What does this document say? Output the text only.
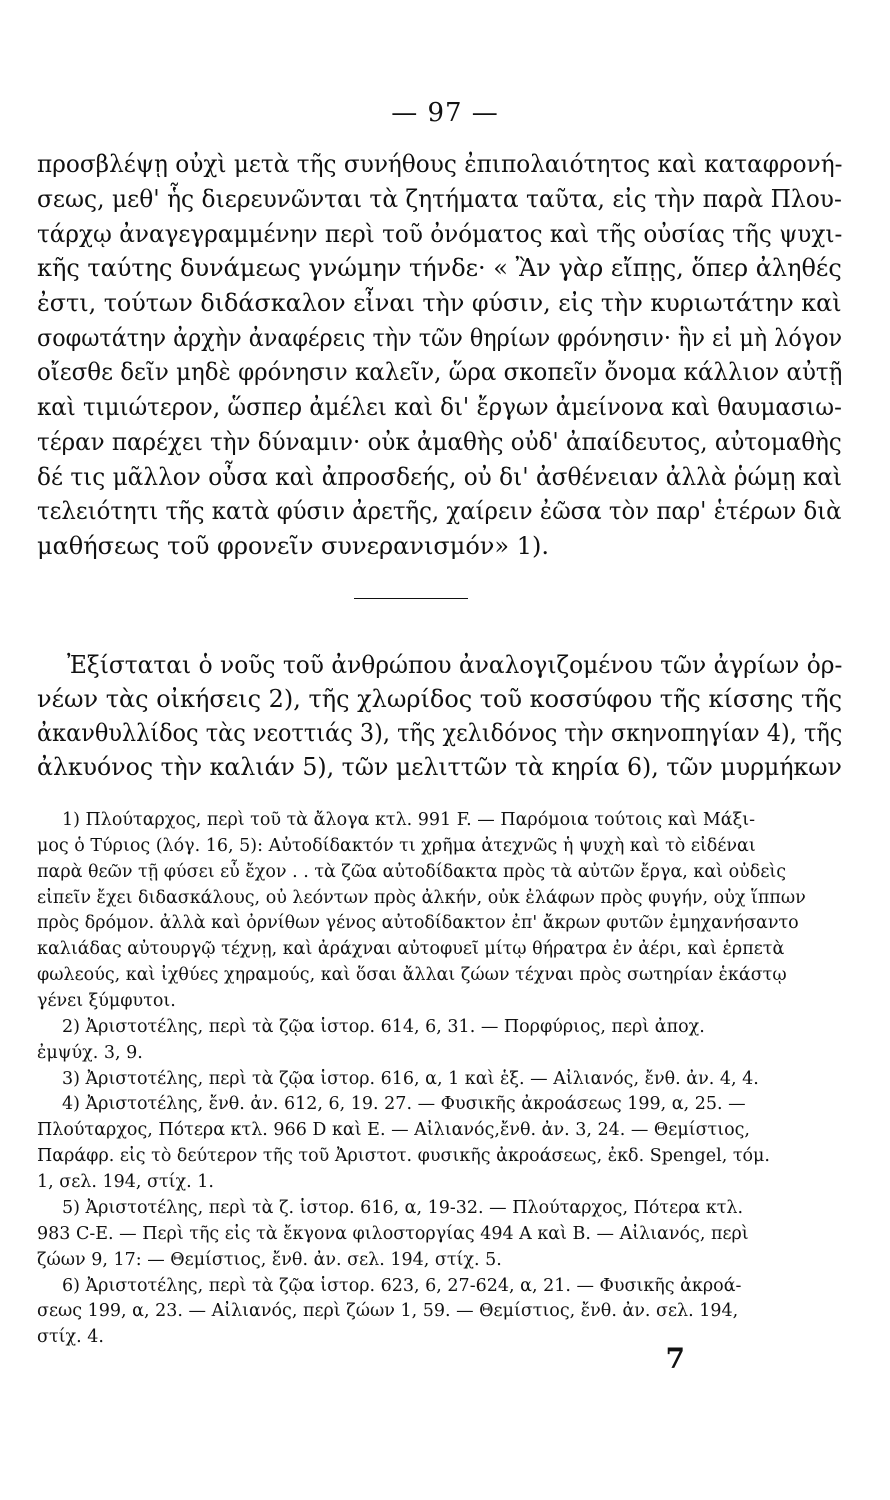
— 97 —
προσβλέψῃ οὐχὶ μετὰ τῆς συνήθους ἐπιπολαιότητος καὶ καταφρονή-
σεως, μεθ' ἧς διερευνῶνται τὰ ζητήματα ταῦτα, εἰς τὴν παρὰ Πλου-
τάρχῳ ἀναγεγραμμένην περὶ τοῦ ὀνόματος καὶ τῆς οὐσίας τῆς ψυχι-
κῆς ταύτης δυνάμεως γνώμην τήνδε· « Ἂν γὰρ εἴπῃς, ὅπερ ἀληθές
ἐστι, τούτων διδάσκαλον εἶναι τὴν φύσιν, εἰς τὴν κυριωτάτην καὶ
σοφωτάτην ἀρχὴν ἀναφέρεις τὴν τῶν θηρίων φρόνησιν· ἣν εἰ μὴ λόγον
οἴεσθε δεῖν μηδὲ φρόνησιν καλεῖν, ὥρα σκοπεῖν ὄνομα κάλλιον αὐτῇ
καὶ τιμιώτερον, ὥσπερ ἀμέλει καὶ δι' ἔργων ἀμείνονα καὶ θαυμασιω-
τέραν παρέχει τὴν δύναμιν· οὐκ ἀμαθὴς οὐδ' ἀπαίδευτος, αὐτομαθὴς
δέ τις μᾶλλον οὖσα καὶ ἀπροσδεής, οὐ δι' ἀσθένειαν ἀλλὰ ῥώμῃ καὶ
τελειότητι τῆς κατὰ φύσιν ἀρετῆς, χαίρειν ἐῶσα τὸν παρ' ἑτέρων διὰ
μαθήσεως τοῦ φρονεῖν συνερανισμόν» 1).
Ἐξίσταται ὁ νοῦς τοῦ ἀνθρώπου ἀναλογιζομένου τῶν ἀγρίων ὀρ-
νέων τὰς οἰκήσεις 2), τῆς χλωρίδος τοῦ κοσσύφου τῆς κίσσης τῆς
ἀκανθυλλίδος τὰς νεοττιάς 3), τῆς χελιδόνος τὴν σκηνοπηγίαν 4), τῆς
ἀλκυόνος τὴν καλιάν 5), τῶν μελιττῶν τὰ κηρία 6), τῶν μυρμήκων
1) Πλούταρχος, περὶ τοῦ τὰ ἄλογα κτλ. 991 F. — Παρόμοια τούτοις καὶ Μάξι-
μος ὁ Τύριος (λόγ. 16, 5): Αὐτοδίδακτόν τι χρῆμα ἀτεχνῶς ἡ ψυχὴ καὶ τὸ εἰδέναι
παρὰ θεῶν τῇ φύσει εὖ ἔχον . . τὰ ζῶα αὐτοδίδακτα πρὸς τὰ αὐτῶν ἔργα, καὶ οὐδεὶς
εἰπεῖν ἔχει διδασκάλους, οὐ λεόντων πρὸς ἀλκήν, οὐκ ἐλάφων πρὸς φυγήν, οὐχ ἵππων
πρὸς δρόμον. ἀλλὰ καὶ ὀρνίθων γένος αὐτοδίδακτον ἐπ' ἄκρων φυτῶν ἐμηχανήσαντο
καλιάδας αὐτουργῷ τέχνῃ, καὶ ἀράχναι αὐτοφυεῖ μίτῳ θήρατρα ἐν ἀέρι, καὶ ἑρπετὰ
φωλεούς, καὶ ἰχθύες χηραμούς, καὶ ὅσαι ἄλλαι ζώων τέχναι πρὸς σωτηρίαν ἑκάστῳ
γένει ξύμφυτοι.
2) Ἀριστοτέλης, περὶ τὰ ζῷα ἱστορ. 614, 6, 31. — Πορφύριος, περὶ ἀποχ.
ἐμψύχ. 3, 9.
3) Ἀριστοτέλης, περὶ τὰ ζῷα ἱστορ. 616, α, 1 καὶ ἑξ. — Αἰλιανός, ἔνθ. ἀν. 4, 4.
4) Ἀριστοτέλης, ἔνθ. ἀν. 612, 6, 19. 27. — Φυσικῆς ἀκροάσεως 199, α, 25. —
Πλούταρχος, Πότερα κτλ. 966 D καὶ E. — Αἰλιανός,ἔνθ. ἀν. 3, 24. — Θεμίστιος,
Παράφρ. εἰς τὸ δεύτερον τῆς τοῦ Ἀριστοτ. φυσικῆς ἀκροάσεως, ἐκδ. Spengel, τόμ.
1, σελ. 194, στίχ. 1.
5) Ἀριστοτέλης, περὶ τὰ ζ. ἱστορ. 616, α, 19-32. — Πλούταρχος, Πότερα κτλ.
983 C-E. — Περὶ τῆς εἰς τὰ ἔκγονα φιλοστοργίας 494 A καὶ B. — Αἰλιανός, περὶ
ζώων 9, 17: — Θεμίστιος, ἔνθ. ἀν. σελ. 194, στίχ. 5.
6) Ἀριστοτέλης, περὶ τὰ ζῷα ἱστορ. 623, 6, 27-624, α, 21. — Φυσικῆς ἀκροά-
σεως 199, α, 23. — Αἰλιανός, περὶ ζώων 1, 59. — Θεμίστιος, ἔνθ. ἀν. σελ. 194,
στίχ. 4.
7
